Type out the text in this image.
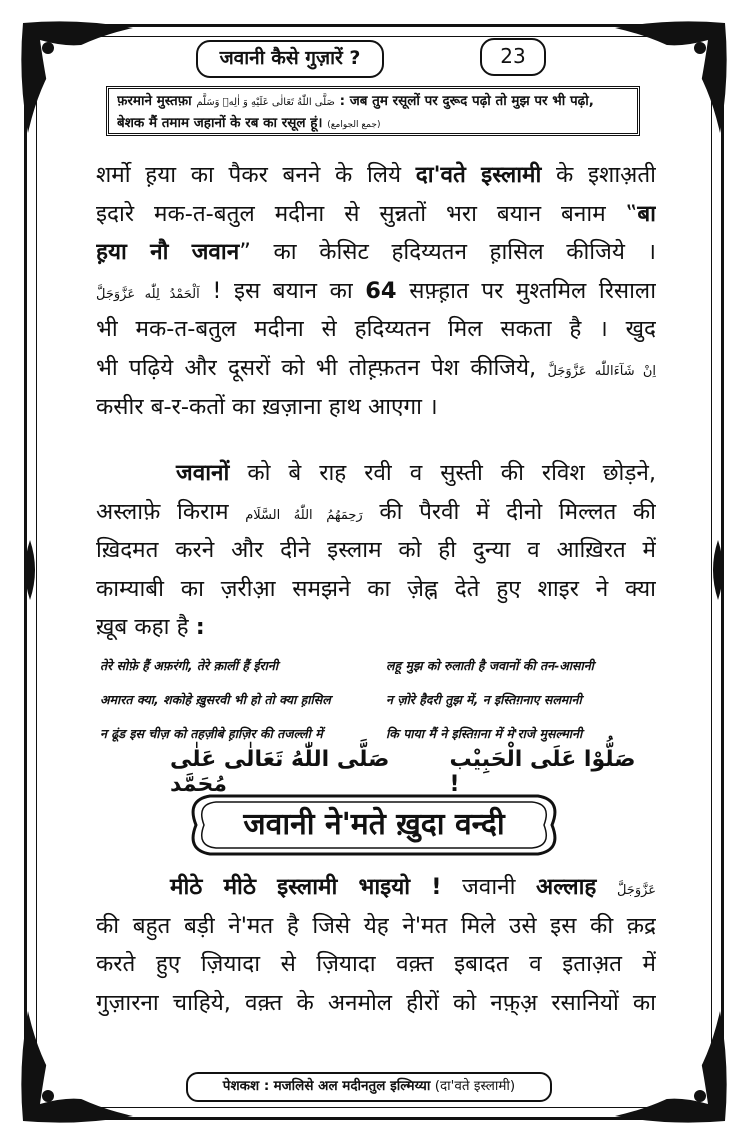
जवानी कैसे गुज़ारें ?	23
फ़रमाने मुस्तफ़ा صَلَّى اللّٰهُ تَعَالٰی عَلَيْهِ وَ اٰلِهٖ وَسَلَّم : जब तुम रसूलों पर दुरूद पढ़ो तो मुझ पर भी पढ़ो,
बेशक मैं तमाम जहानों के रब का रसूल हूं। (جمع الجوامع)
शर्मो ह़या का पैकर बनने के लिये दा'वते इस्लामी के इशाअ़ती
इदारे मक-त-बतुल मदीना से सुन्नतों भरा बयान बनाम ‟बा
ह़या नौ जवान” का केसिट हदिय्यतन ह़ासिल कीजिये ।
اَلْحَمْدُ لِلّٰه عَزَّوَجَلَّ ! इस बयान का 64 सफ़्ह़ात पर मुश्तमिल रिसाला
भी मक-त-बतुल मदीना से हदिय्यतन मिल सकता है । खुद
भी पढ़िये और दूसरों को भी तोह़्फ़तन पेश कीजिये, اِنْ شَآءَاللّٰه عَزَّوَجَلَّ
कसीर ब-र-कतों का ख़ज़ाना हाथ आएगा ।
जवानों को बे राह रवी व सुस्ती की रविश छोड़ने,
अस्लाफ़े किराम رَحِمَهُمُ اللّٰهُ السَّلَام की पैरवी में दीनो मिल्लत की
ख़िदमत करने और दीने इस्लाम को ही दुन्या व आख़िरत में
काम्याबी का ज़रीआ़ समझने का ज़ेह्न देते हुए शाइर ने क्या
ख़ूब कहा है :
तेरे सोफ़े हैं अफ़रंगी, तेरे क़ालीं हैं ईरानी	लहू मुझ को रुलाती है जवानों की तन-आसानी
अमारत क्या, शकोहे ख़ुसरवी भी हो तो क्या ह़ासिल	न ज़ोरे हैदरी तुझ में, न इस्तिग़नाए सलमानी
न ढूंड इस चीज़ को तहज़ीबे ह़ाज़िर की तजल्ली में	कि पाया मैं ने इस्तिग़ना में मे'राजे मुसल्मानी
صَلَّى اللّٰهُ تَعَالٰی عَلٰی مُحَمَّد
صَلُّوْا عَلَى الْحَبِيْب !
जवानी ने'मते ख़ुदा वन्दी
मीठे मीठे इस्लामी भाइयो ! जवानी अल्लाह عَزَّوَجَلَّ
की बहुत बड़ी ने'मत है जिसे येह ने'मत मिले उसे इस की क़द्र
करते हुए ज़ियादा से ज़ियादा वक़्त इबादत व इताअ़त में
गुज़ारना चाहिये, वक़्त के अनमोल हीरों को नफ़्अ़ रसानियों का
पेशकश : मजलिसे अल मदीनतुल इल्मिय्या (दा'वते इस्लामी)
